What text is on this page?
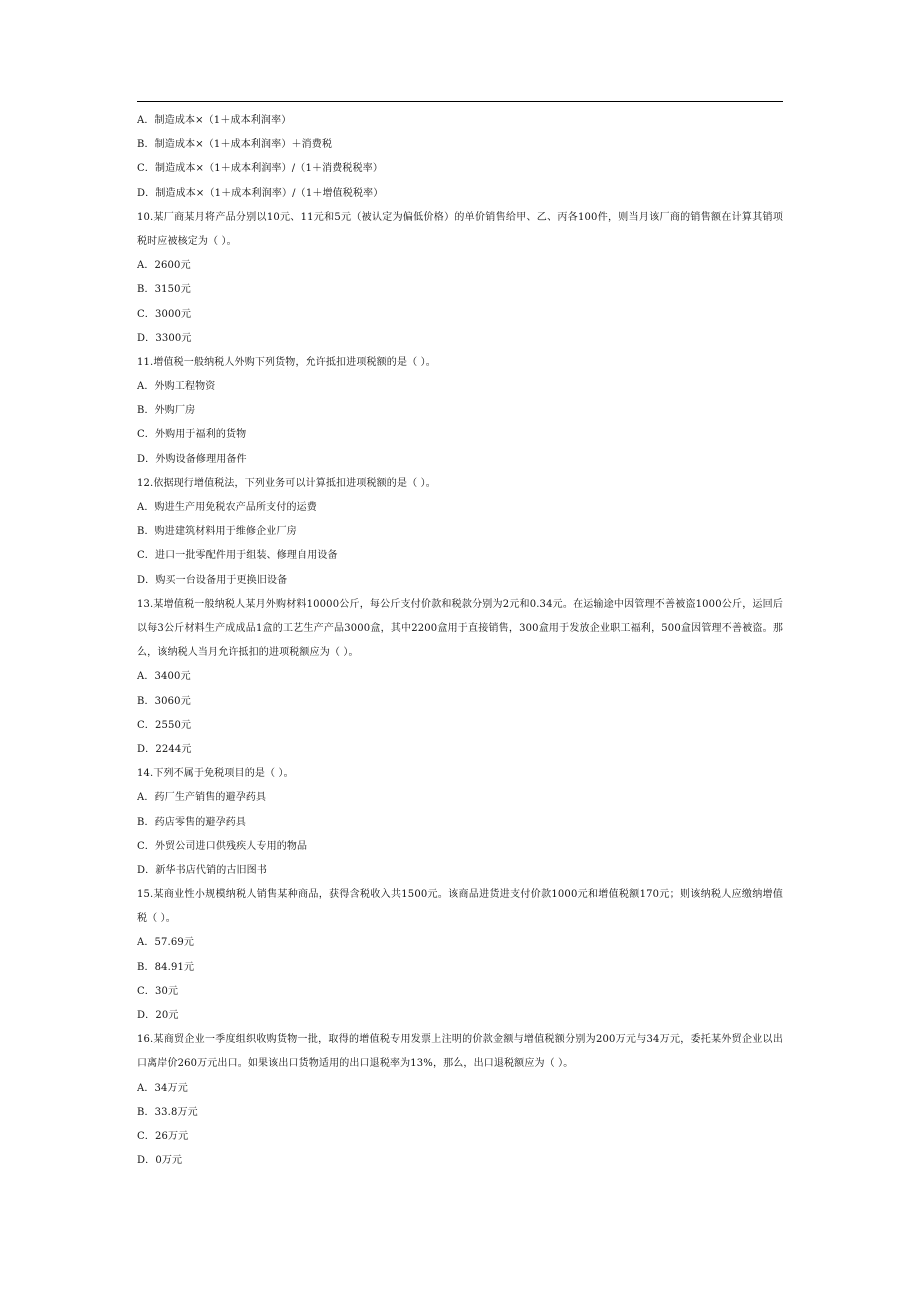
A．制造成本×（1＋成本利润率）
B．制造成本×（1＋成本利润率）＋消费税
C．制造成本×（1＋成本利润率）/（1＋消费税税率）
D．制造成本×（1＋成本利润率）/（1＋增值税税率）
10.某厂商某月将产品分别以10元、11元和5元（被认定为偏低价格）的单价销售给甲、乙、丙各100件，则当月该厂商的销售额在计算其销项税时应被核定为（ ）。
A．2600元
B．3150元
C．3000元
D．3300元
11.增值税一般纳税人外购下列货物，允许抵扣进项税额的是（ ）。
A．外购工程物资
B．外购厂房
C．外购用于福利的货物
D．外购设备修理用备件
12.依据现行增值税法，下列业务可以计算抵扣进项税额的是（ ）。
A．购进生产用免税农产品所支付的运费
B．购进建筑材料用于维修企业厂房
C．进口一批零配件用于组装、修理自用设备
D．购买一台设备用于更换旧设备
13.某增值税一般纳税人某月外购材料10000公斤，每公斤支付价款和税款分别为2元和0.34元。在运输途中因管理不善被盗1000公斤，运回后以每3公斤材料生产成成品1盒的工艺生产产品3000盒，其中2200盒用于直接销售，300盒用于发放企业职工福利，500盒因管理不善被盗。那么，该纳税人当月允许抵扣的进项税额应为（ ）。
A．3400元
B．3060元
C．2550元
D．2244元
14.下列不属于免税项目的是（ ）。
A．药厂生产销售的避孕药具
B．药店零售的避孕药具
C．外贸公司进口供残疾人专用的物品
D．新华书店代销的古旧图书
15.某商业性小规模纳税人销售某种商品，获得含税收入共1500元。该商品进货进支付价款1000元和增值税额170元；则该纳税人应缴纳增值税（ ）。
A．57.69元
B．84.91元
C．30元
D．20元
16.某商贸企业一季度组织收购货物一批，取得的增值税专用发票上注明的价款金额与增值税额分别为200万元与34万元，委托某外贸企业以出口离岸价260万元出口。如果该出口货物适用的出口退税率为13%，那么，出口退税额应为（ ）。
A．34万元
B．33.8万元
C．26万元
D．0万元
